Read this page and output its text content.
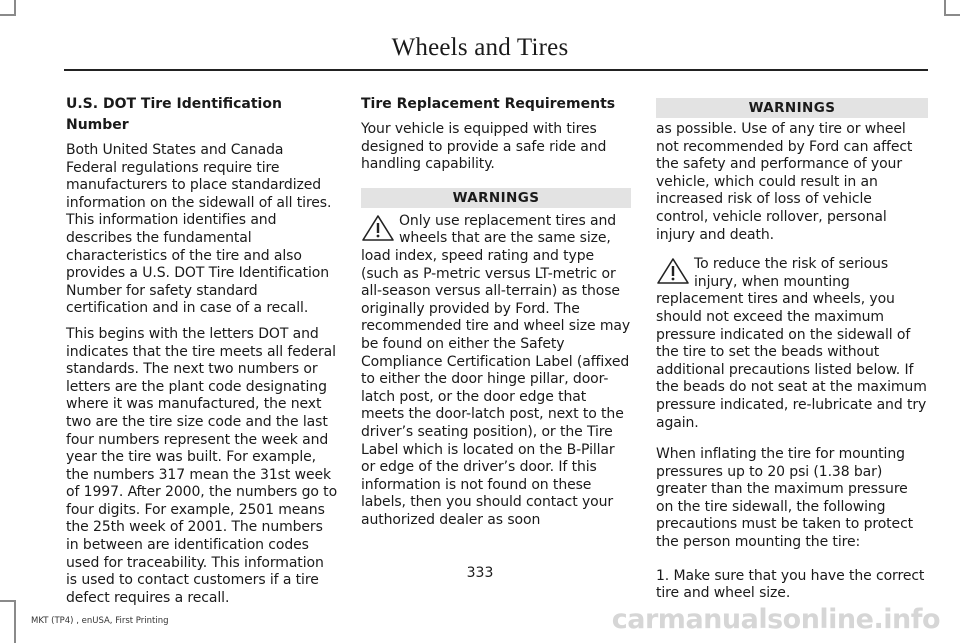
Wheels and Tires
U.S. DOT Tire Identification Number

Both United States and Canada Federal regulations require tire manufacturers to place standardized information on the sidewall of all tires. This information identifies and describes the fundamental characteristics of the tire and also provides a U.S. DOT Tire Identification Number for safety standard certification and in case of a recall.

This begins with the letters DOT and indicates that the tire meets all federal standards. The next two numbers or letters are the plant code designating where it was manufactured, the next two are the tire size code and the last four numbers represent the week and year the tire was built. For example, the numbers 317 mean the 31st week of 1997. After 2000, the numbers go to four digits. For example, 2501 means the 25th week of 2001. The numbers in between are identification codes used for traceability. This information is used to contact customers if a tire defect requires a recall.

Tire Replacement Requirements

Your vehicle is equipped with tires designed to provide a safe ride and handling capability.

WARNINGS
Only use replacement tires and wheels that are the same size, load index, speed rating and type (such as P-metric versus LT-metric or all-season versus all-terrain) as those originally provided by Ford. The recommended tire and wheel size may be found on either the Safety Compliance Certification Label (affixed to either the door hinge pillar, door-latch post, or the door edge that meets the door-latch post, next to the driver’s seating position), or the Tire Label which is located on the B-Pillar or edge of the driver’s door. If this information is not found on these labels, then you should contact your authorized dealer as soon
WARNINGS

as possible. Use of any tire or wheel not recommended by Ford can affect the safety and performance of your vehicle, which could result in an increased risk of loss of vehicle control, vehicle rollover, personal injury and death.

To reduce the risk of serious injury, when mounting replacement tires and wheels, you should not exceed the maximum pressure indicated on the sidewall of the tire to set the beads without additional precautions listed below. If the beads do not seat at the maximum pressure indicated, re-lubricate and try again.

When inflating the tire for mounting pressures up to 20 psi (1.38 bar) greater than the maximum pressure on the tire sidewall, the following precautions must be taken to protect the person mounting the tire:

1. Make sure that you have the correct tire and wheel size.

333
MKT (TP4) , enUSA, First Printing	carmanualsonline.info
